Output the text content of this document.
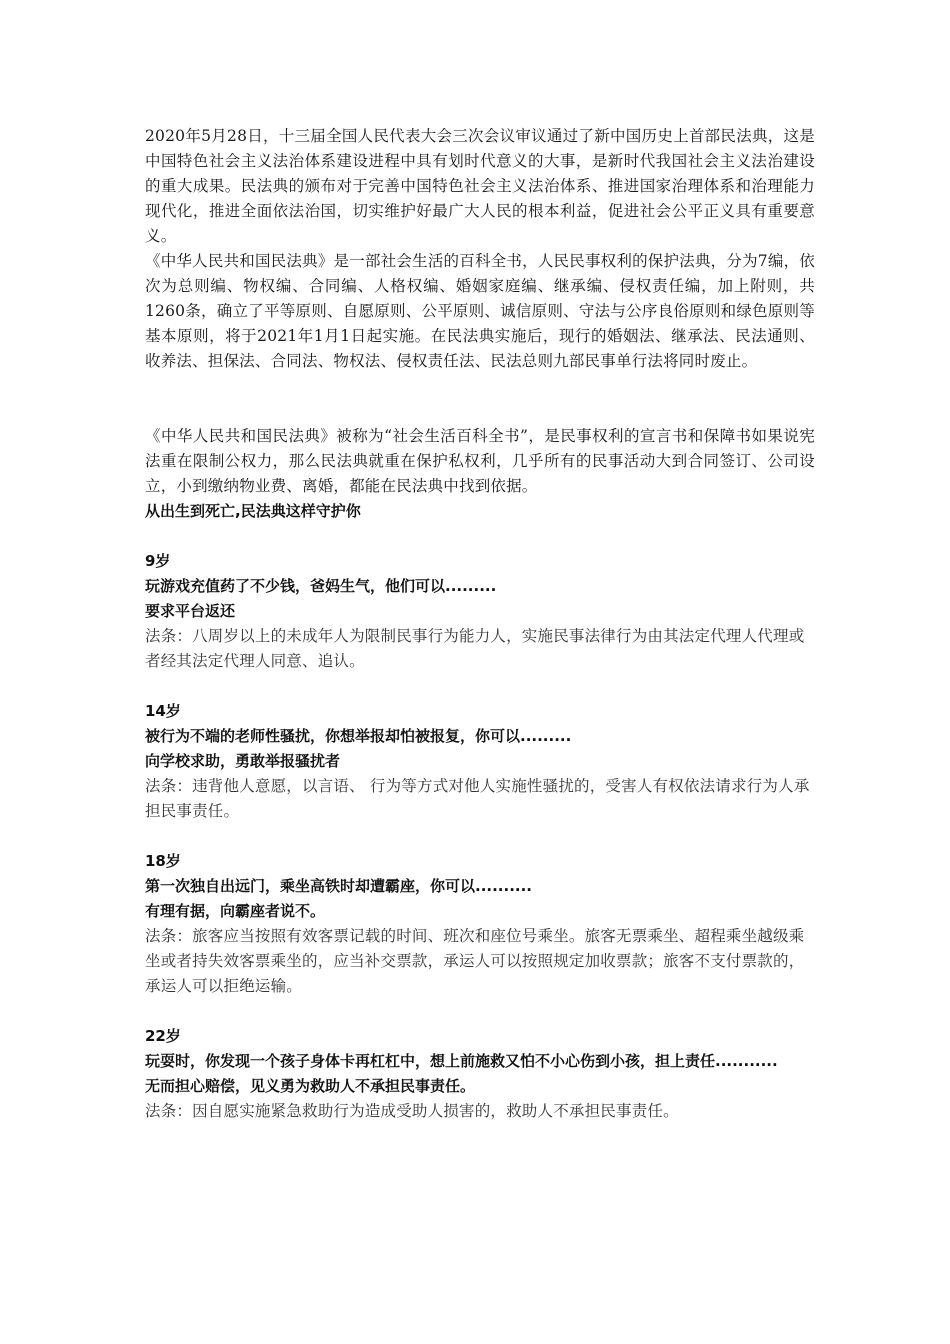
2020年5月28日，十三届全国人民代表大会三次会议审议通过了新中国历史上首部民法典，这是中国特色社会主义法治体系建设进程中具有划时代意义的大事，是新时代我国社会主义法治建设的重大成果。民法典的颁布对于完善中国特色社会主义法治体系、推进国家治理体系和治理能力现代化，推进全面依法治国，切实维护好最广大人民的根本利益，促进社会公平正义具有重要意义。

《中华人民共和国民法典》是一部社会生活的百科全书，人民民事权利的保护法典，分为7编，依次为总则编、物权编、合同编、人格权编、婚姻家庭编、继承编、侵权责任编，加上附则，共1260条，确立了平等原则、自愿原则、公平原则、诚信原则、守法与公序良俗原则和绿色原则等基本原则，将于2021年1月1日起实施。在民法典实施后，现行的婚姻法、继承法、民法通则、收养法、担保法、合同法、物权法、侵权责任法、民法总则九部民事单行法将同时废止。

《中华人民共和国民法典》被称为“社会生活百科全书”，是民事权利的宣言书和保障书如果说宪法重在限制公权力，那么民法典就重在保护私权利，几乎所有的民事活动大到合同签订、公司设立，小到缴纳物业费、离婚，都能在民法典中找到依据。

从出生到死亡,民法典这样守护你

9岁

玩游戏充值药了不少钱，爸妈生气，他们可以.........

要求平台返还

法条：八周岁以上的未成年人为限制民事行为能力人，实施民事法律行为由其法定代理人代理或者经其法定代理人同意、追认。

14岁

被行为不端的老师性骚扰，你想举报却怕被报复，你可以.........

向学校求助，勇敢举报骚扰者

法条：违背他人意愿，以言语、 行为等方式对他人实施性骚扰的，受害人有权依法请求行为人承担民事责任。

18岁

第一次独自出远门，乘坐高铁时却遭霸座，你可以..........

有理有据，向霸座者说不。

法条：旅客应当按照有效客票记载的时间、班次和座位号乘坐。旅客无票乘坐、超程乘坐越级乘坐或者持失效客票乘坐的，应当补交票款，承运人可以按照规定加收票款；旅客不支付票款的，承运人可以拒绝运输。

22岁

玩耍时，你发现一个孩子身体卡再杠杠中，想上前施救又怕不小心伤到小孩，担上责任...........

无而担心赔偿，见义勇为救助人不承担民事责任。

法条：因自愿实施紧急救助行为造成受助人损害的，救助人不承担民事责任。
